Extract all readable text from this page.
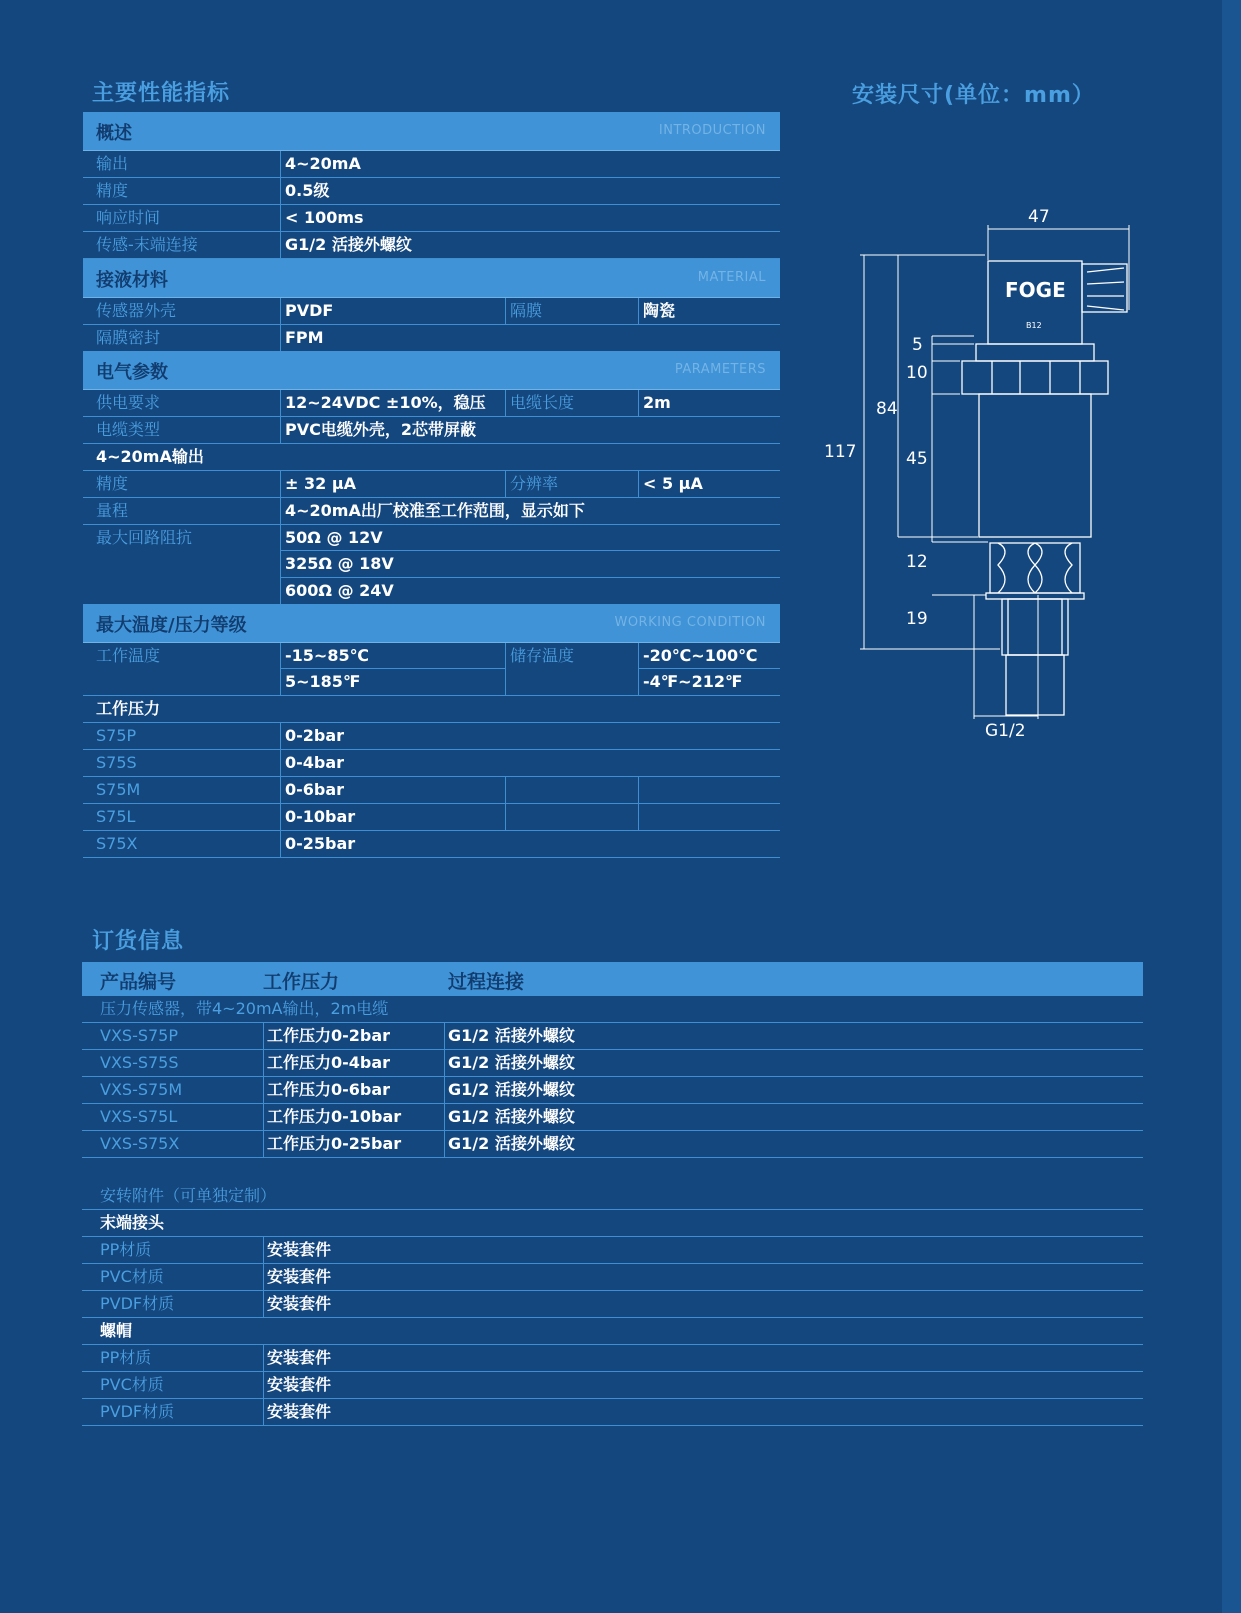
主要性能指标
概述	INTRODUCTION
输出	4~20mA
精度	0.5级
响应时间	< 100ms
传感-末端连接	G1/2 活接外螺纹
接液材料	MATERIAL
传感器外壳	PVDF	隔膜	陶瓷
隔膜密封	FPM
电气参数	PARAMETERS
供电要求	12~24VDC ±10%，稳压	电缆长度	2m
电缆类型	PVC电缆外壳，2芯带屏蔽
4~20mA输出
精度	± 32 μA	分辨率	< 5 μA
量程	4~20mA出厂校准至工作范围，显示如下
最大回路阻抗	50Ω @ 12V
325Ω @ 18V
600Ω @ 24V
最大温度/压力等级	WORKING CONDITION
工作温度	-15~85℃	储存温度	-20℃~100℃
5~185℉	-4℉~212℉
工作压力
S75P	0-2bar
S75S	0-4bar
S75M	0-6bar
S75L	0-10bar
S75X	0-25bar
安装尺寸(单位：mm）
FOGE
B12
47
117
84
5
10
45
12
19
G1/2
订货信息
产品编号	工作压力	过程连接
压力传感器，带4~20mA输出，2m电缆
VXS-S75P	工作压力0-2bar	G1/2 活接外螺纹
VXS-S75S	工作压力0-4bar	G1/2 活接外螺纹
VXS-S75M	工作压力0-6bar	G1/2 活接外螺纹
VXS-S75L	工作压力0-10bar	G1/2 活接外螺纹
VXS-S75X	工作压力0-25bar	G1/2 活接外螺纹
安转附件（可单独定制）
末端接头
PP材质	安装套件
PVC材质	安装套件
PVDF材质	安装套件
螺帽
PP材质	安装套件
PVC材质	安装套件
PVDF材质	安装套件
